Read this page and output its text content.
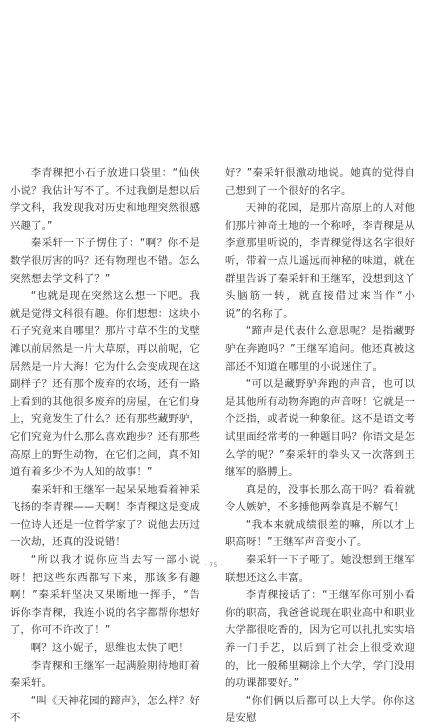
李青稞把小石子放进口袋里：“仙侠小说？我估计写不了。不过我倒是想以后学文科，我发现我对历史和地理突然很感兴趣了。”

秦采轩一下子愣住了：“啊？你不是数学很厉害的吗？还有物理也不错。怎么突然想去学文科了？”

“也就是现在突然这么想一下吧。我就是觉得文科很有趣。你们想想：这块小石子究竟来自哪里？那片寸草不生的戈壁滩以前居然是一片大草原，再以前呢，它居然是一片大海！它为什么会变成现在这副样子？还有那个废弃的农场，还有一路上看到的其他很多废弃的房屋，在它们身上，究竟发生了什么？还有那些藏野驴，它们究竟为什么那么喜欢跑步？还有那些高原上的野生动物，在它们之间，真不知道有着多少不为人知的故事！”

秦采轩和王继军一起呆呆地看着神采飞扬的李青稞——天啊！李青稞这是变成一位诗人还是一位哲学家了？说他去历过一次劫，还真的没说错！

“所以我才说你应当去写一部小说呀！把这些东西都写下来，那该多有趣啊！”秦采轩坚决又果断地一挥手，“告诉你李青稞，我连小说的名字都帮你想好了，你可不许改了！”

啊？这小妮子，思维也太快了吧！

李青稞和王继军一起满脸期待地盯着秦采轩。

“叫《天神花园的蹄声》，怎么样？好不

好？”秦采轩很激动地说。她真的觉得自己想到了一个很好的名字。

天神的花园，是那片高原上的人对他们那片神奇土地的一个称呼，李青稞是从李意那里听说的，李青稞觉得这名字很好听，带着一点儿遥远而神秘的味道，就在群里告诉了秦采轩和王继军，没想到这丫头脑筋一转，就直接借过来当作“小说”的名称了。

“蹄声是代表什么意思呢？是指藏野驴在奔跑吗？”王继军追问。他还真被这部还不知道在哪里的小说迷住了。

“可以是藏野驴奔跑的声音，也可以是其他所有动物奔跑的声音呀！它就是一个泛指，或者说一种象征。这不是语文考试里面经常考的一种题目吗？你语文是怎么学的呢？”秦采轩的拳头又一次落到王继军的胳膊上。

真是的，没事长那么高干吗？看着就令人嫉妒，不多捶他两拳真是不解气！

“我本来就成绩很差的嘛，所以才上职高呀！”王继军声音变小了。

秦采轩一下子哑了。她没想到王继军联想还这么丰富。

李青稞接话了：“王继军你可别小看你的职高，我爸爸说现在职业高中和职业大学都很吃香的，因为它可以扎扎实实培养一门手艺，以后到了社会上很受欢迎的，比一般稀里糊涂上个大学，学门没用的功课都要好。”

“你们俩以后都可以上大学。你你这是安慰

· 75 ·
